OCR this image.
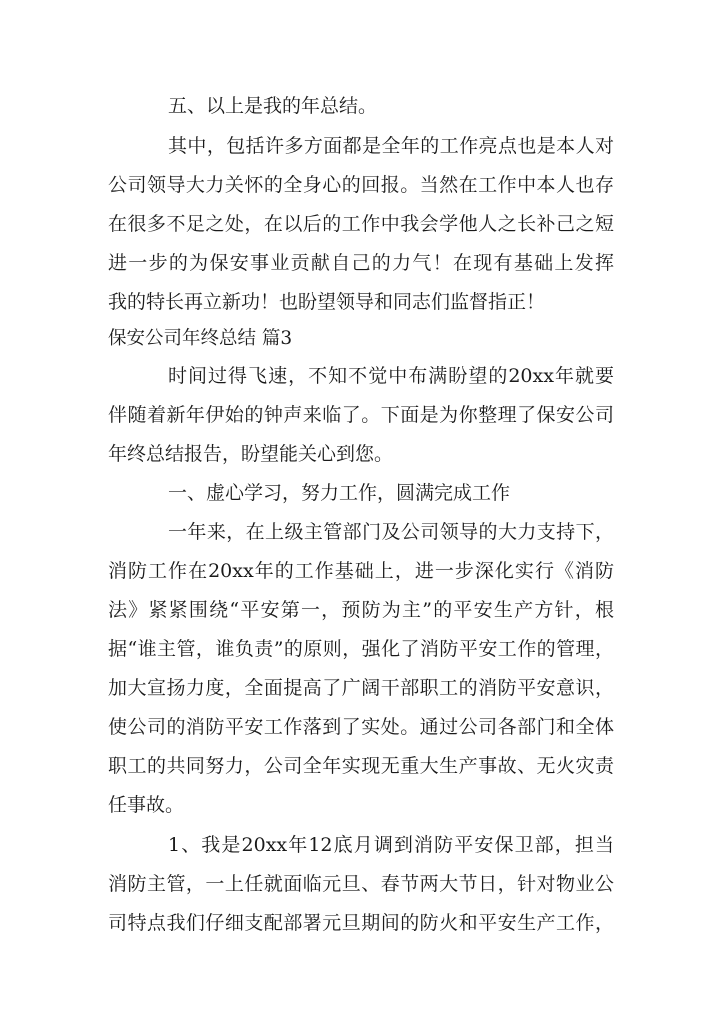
五、以上是我的年总结。
其中，包括许多方面都是全年的工作亮点也是本人对
公司领导大力关怀的全身心的回报。当然在工作中本人也存
在很多不足之处，在以后的工作中我会学他人之长补己之短
进一步的为保安事业贡献自己的力气！在现有基础上发挥
我的特长再立新功！也盼望领导和同志们监督指正！
保安公司年终总结 篇3
时间过得飞速，不知不觉中布满盼望的20xx年就要
伴随着新年伊始的钟声来临了。下面是为你整理了保安公司
年终总结报告，盼望能关心到您。
一、虚心学习，努力工作，圆满完成工作
一年来，在上级主管部门及公司领导的大力支持下，
消防工作在20xx年的工作基础上，进一步深化实行《消防
法》紧紧围绕“平安第一，预防为主”的平安生产方针，根
据“谁主管，谁负责”的原则，强化了消防平安工作的管理，
加大宣扬力度，全面提高了广阔干部职工的消防平安意识，
使公司的消防平安工作落到了实处。通过公司各部门和全体
职工的共同努力，公司全年实现无重大生产事故、无火灾责
任事故。
1、我是20xx年12底月调到消防平安保卫部，担当
消防主管，一上任就面临元旦、春节两大节日，针对物业公
司特点我们仔细支配部署元旦期间的防火和平安生产工作，
